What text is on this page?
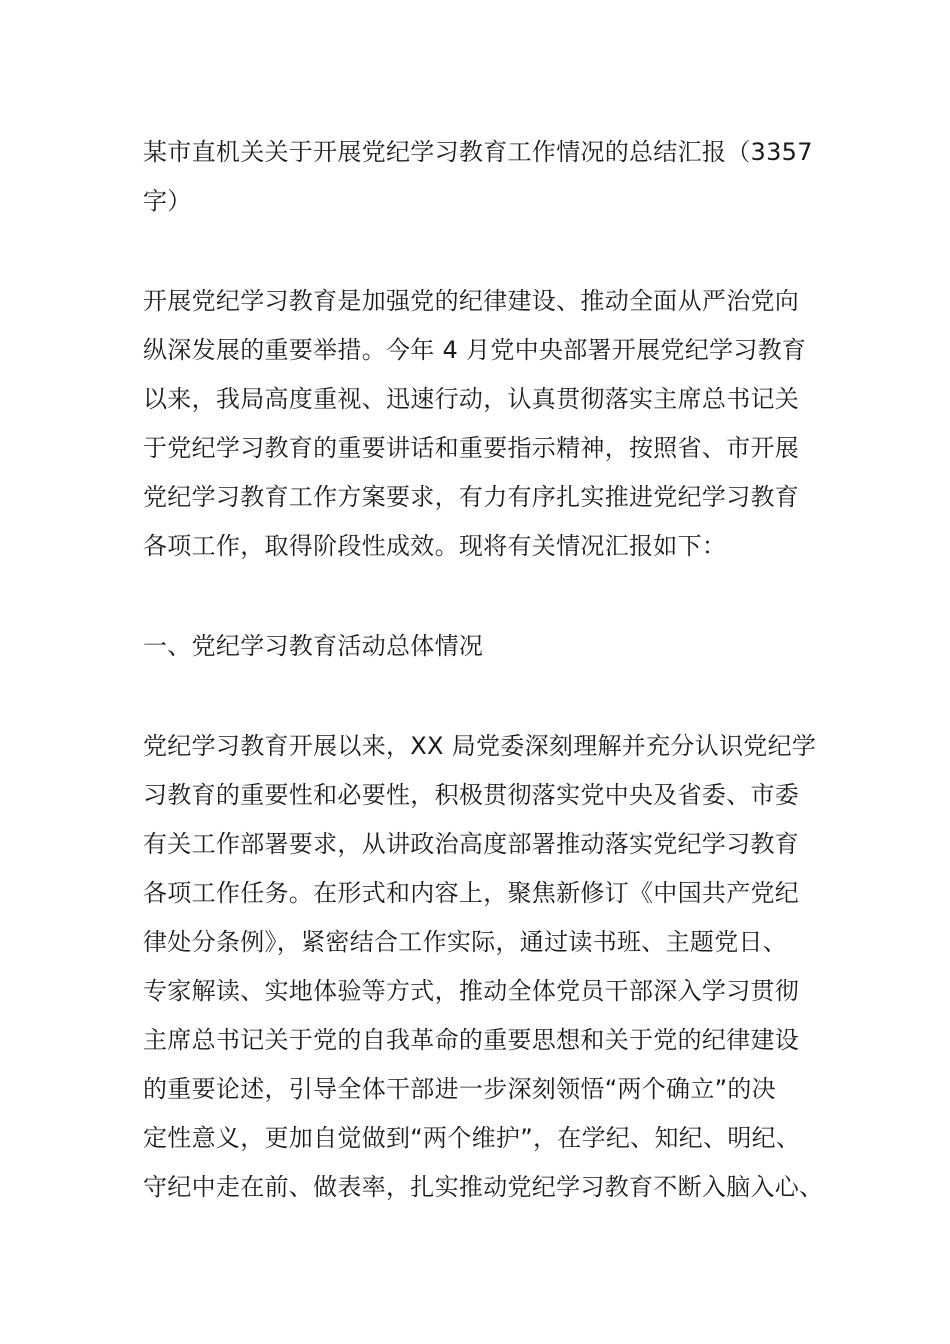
某市直机关关于开展党纪学习教育工作情况的总结汇报（3357
字）

开展党纪学习教育是加强党的纪律建设、推动全面从严治党向
纵深发展的重要举措。今年 4 月党中央部署开展党纪学习教育
以来，我局高度重视、迅速行动，认真贯彻落实主席总书记关
于党纪学习教育的重要讲话和重要指示精神，按照省、市开展
党纪学习教育工作方案要求，有力有序扎实推进党纪学习教育
各项工作，取得阶段性成效。现将有关情况汇报如下：

一、党纪学习教育活动总体情况

党纪学习教育开展以来，XX 局党委深刻理解并充分认识党纪学
习教育的重要性和必要性，积极贯彻落实党中央及省委、市委
有关工作部署要求，从讲政治高度部署推动落实党纪学习教育
各项工作任务。在形式和内容上，聚焦新修订《中国共产党纪
律处分条例》，紧密结合工作实际，通过读书班、主题党日、
专家解读、实地体验等方式，推动全体党员干部深入学习贯彻
主席总书记关于党的自我革命的重要思想和关于党的纪律建设
的重要论述，引导全体干部进一步深刻领悟“两个确立”的决
定性意义，更加自觉做到“两个维护”，在学纪、知纪、明纪、
守纪中走在前、做表率，扎实推动党纪学习教育不断入脑入心、
